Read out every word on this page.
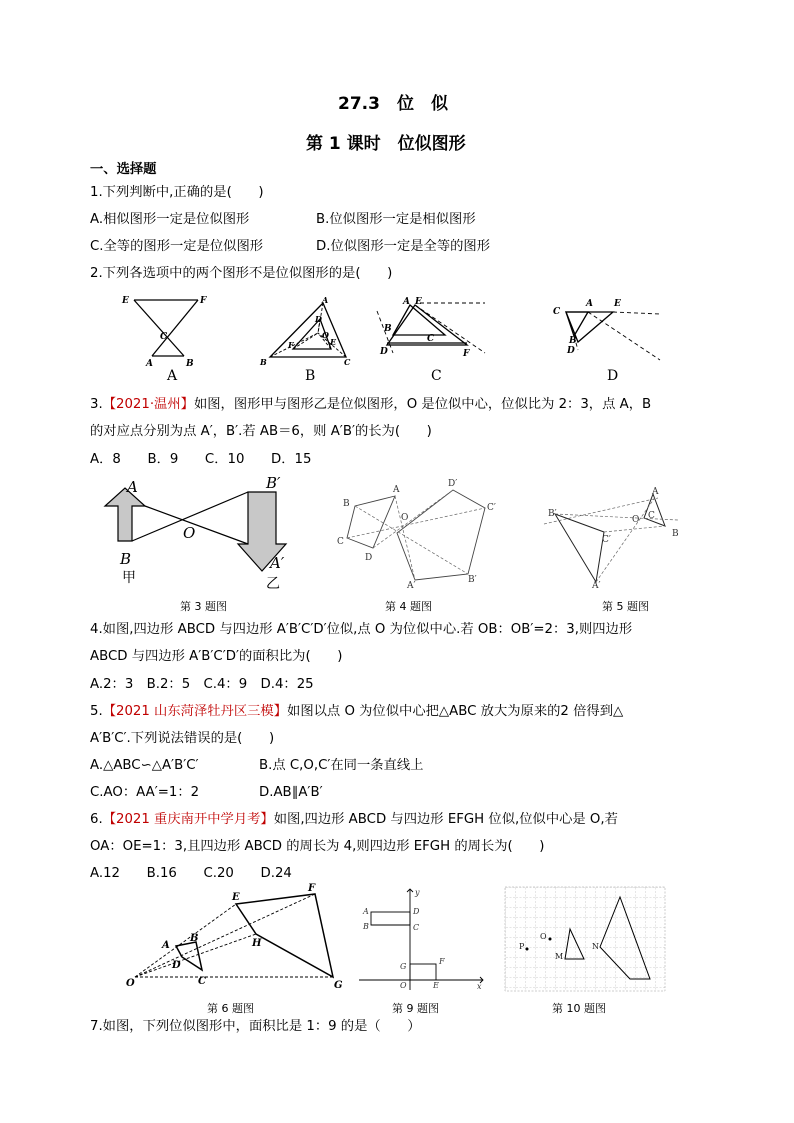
27.3　位　似
第 1 课时　位似图形
一、选择题
1.下列判断中,正确的是(　　)
A.相似图形一定是位似图形	B.位似图形一定是相似图形
C.全等的图形一定是位似图形	D.位似图形一定是全等的图形
2.下列各选项中的两个图形不是位似图形的是(　　)
E	F
C
A	B
A
D
O
F	E
B	C
A E
B
C
D	F
C
A E
B
D
A	B	C	D
3.【2021·温州】如图，图形甲与图形乙是位似图形，O 是位似中心，位似比为 2：3，点 A，B
的对应点分别为点 A′，B′.若 AB＝6，则 A′B′的长为(　　)
A．8　　B．9　　C．10　　D．15
A
B
O
B′
A′
甲	乙
B
A
O
C
D
D′
C′
B′
A′
B′
C′
A′
O C
A
B
第 3 题图	第 4 题图	第 5 题图
4.如图,四边形 ABCD 与四边形 A′B′C′D′位似,点 O 为位似中心.若 OB：OB′=2：3,则四边形
ABCD 与四边形 A′B′C′D′的面积比为(　　)
A.2：3　B.2：5　C.4：9　D.4：25
5.【2021 山东菏泽牡丹区三模】如图以点 O 为位似中心把△ABC 放大为原来的2 倍得到△
A′B′C′.下列说法错误的是(　　)
A.△ABC∽△A′B′C′	B.点 C,O,C′在同一条直线上
C.AO：AA′=1：2	D.AB∥A′B′
6.【2021 重庆南开中学月考】如图,四边形 ABCD 与四边形 EFGH 位似,位似中心是 O,若
OA：OE=1：3,且四边形 ABCD 的周长为 4,则四边形 EFGH 的周长为(　　)
A.12　　B.16　　C.20　　D.24
E
F
H
G
A
B
D
C
O
y
x
A
B
D
C
G
F
O	E
P
O
M
N
第 6 题图	第 9 题图	第 10 题图
7.如图，下列位似图形中，面积比是 1：9 的是（　　）
